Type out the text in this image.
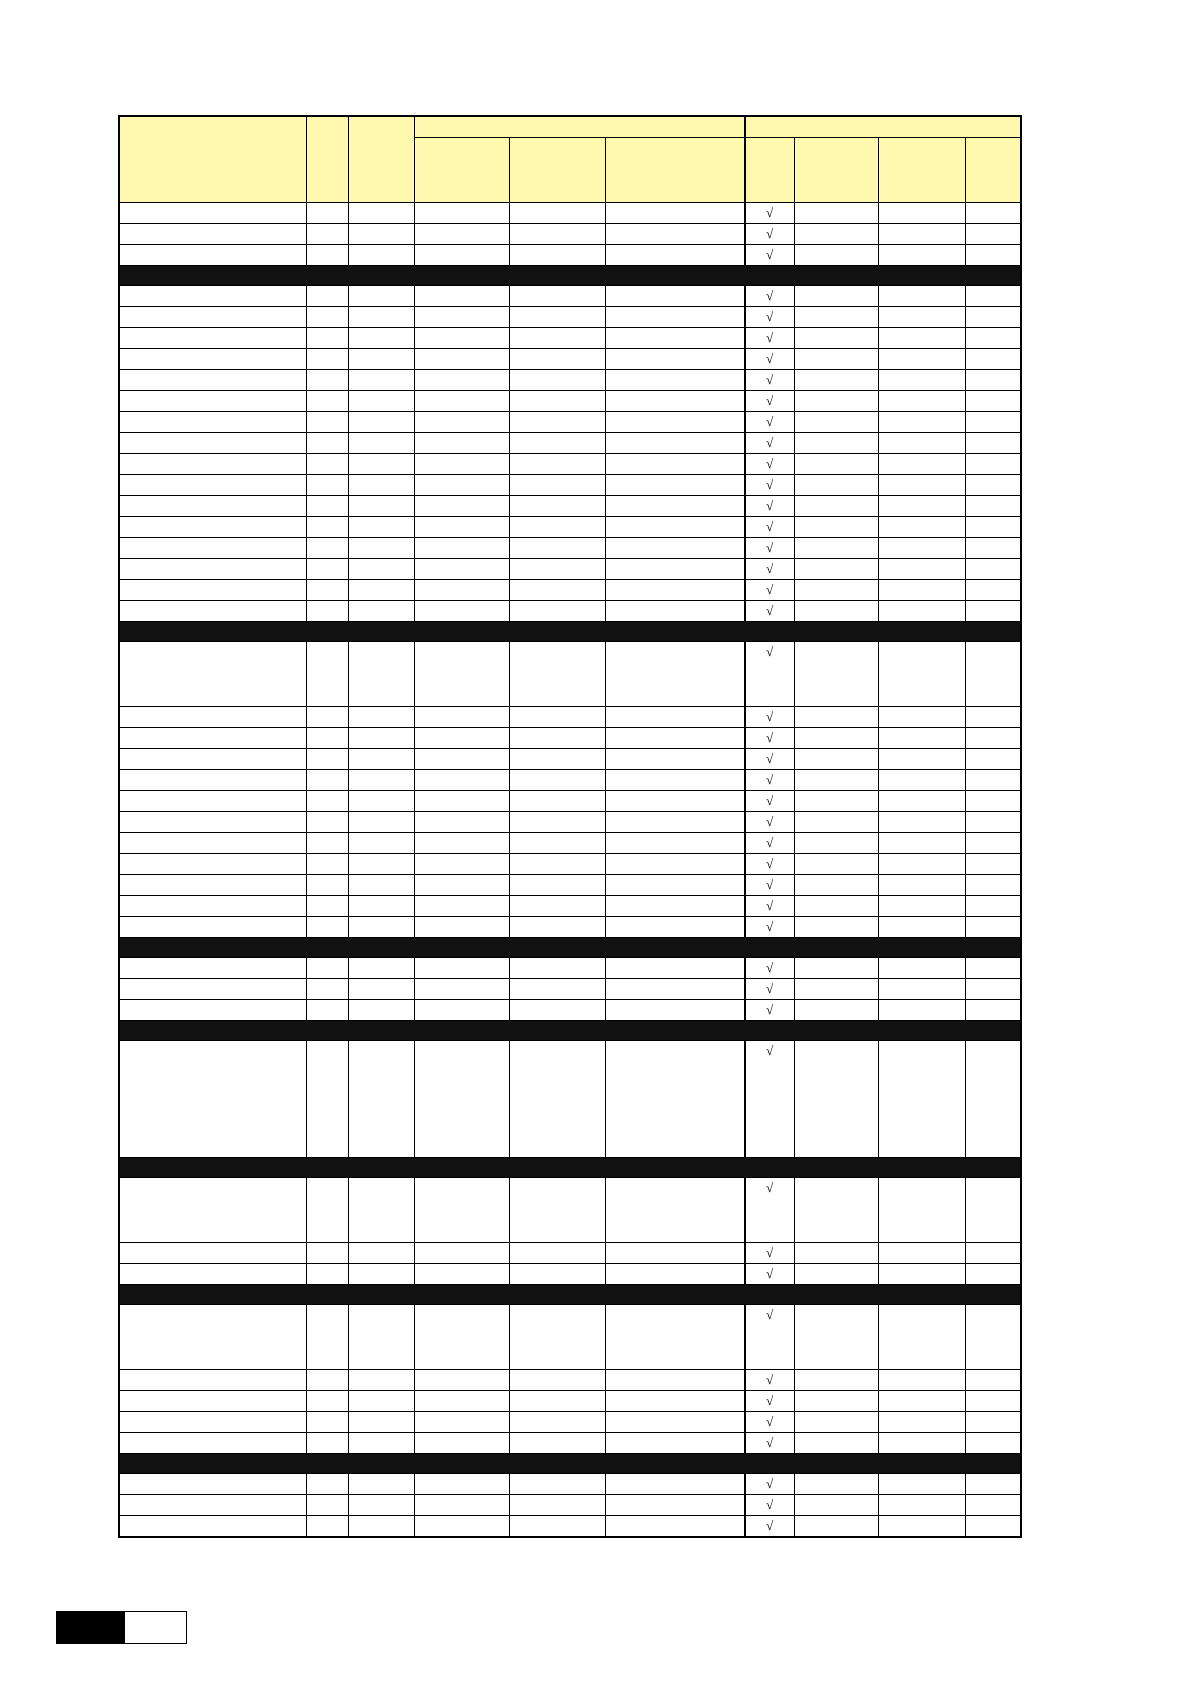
						√			
						√			
						√			

						√			
						√			
						√			
						√			
						√			
						√			
						√			
						√			
						√			
						√			
						√			
						√			
						√			
						√			
						√			
						√			

						√			
						√			
						√			
						√			
						√			
						√			
						√			
						√			
						√			
						√			
						√			
						√			

						√			
						√			
						√			

						√			

						√			
						√			
						√			

						√			
						√			
						√			
						√			
						√			

						√			
						√			
						√			
